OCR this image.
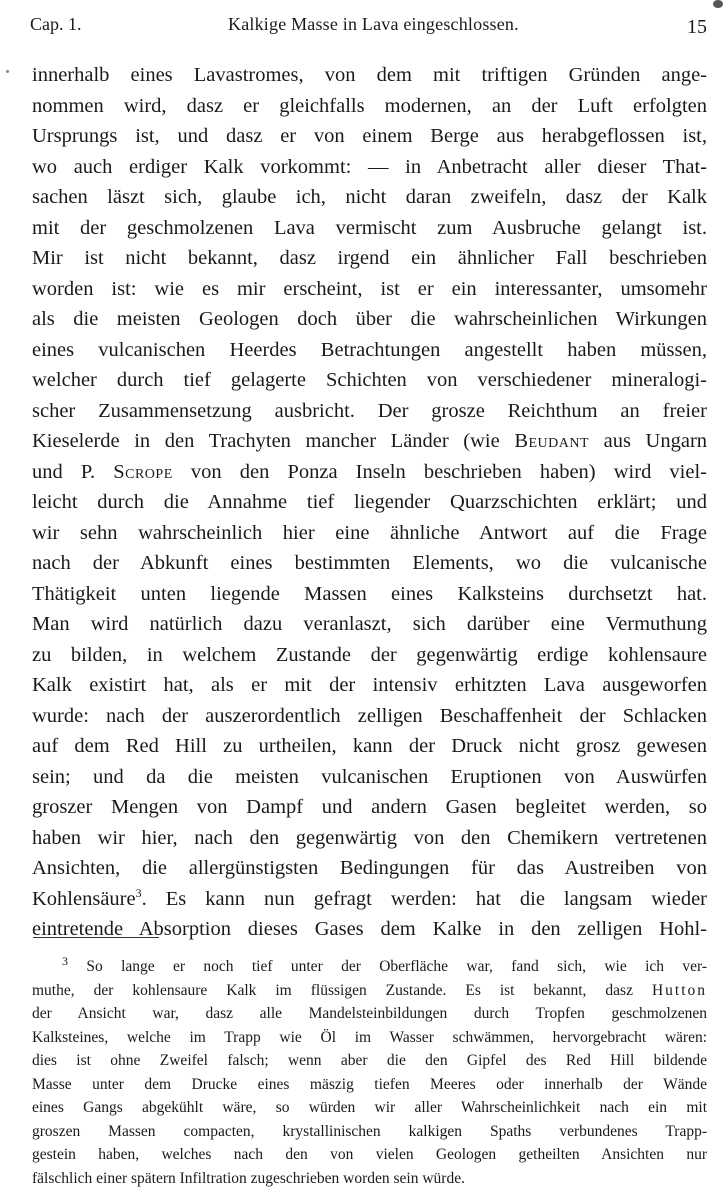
Cap. 1.	Kalkige Masse in Lava eingeschlossen.	15
innerhalb eines Lavastromes, von dem mit triftigen Gründen ange-
nommen wird, dasz er gleichfalls modernen, an der Luft erfolgten
Ursprungs ist, und dasz er von einem Berge aus herabgeflossen ist,
wo auch erdiger Kalk vorkommt: — in Anbetracht aller dieser That-
sachen läszt sich, glaube ich, nicht daran zweifeln, dasz der Kalk
mit der geschmolzenen Lava vermischt zum Ausbruche gelangt ist.
Mir ist nicht bekannt, dasz irgend ein ähnlicher Fall beschrieben
worden ist: wie es mir erscheint, ist er ein interessanter, umsomehr
als die meisten Geologen doch über die wahrscheinlichen Wirkungen
eines vulcanischen Heerdes Betrachtungen angestellt haben müssen,
welcher durch tief gelagerte Schichten von verschiedener mineralogi-
scher Zusammensetzung ausbricht. Der grosze Reichthum an freier
Kieselerde in den Trachyten mancher Länder (wie Beudant aus Ungarn
und P. Scrope von den Ponza Inseln beschrieben haben) wird viel-
leicht durch die Annahme tief liegender Quarzschichten erklärt; und
wir sehn wahrscheinlich hier eine ähnliche Antwort auf die Frage
nach der Abkunft eines bestimmten Elements, wo die vulcanische
Thätigkeit unten liegende Massen eines Kalksteins durchsetzt hat.
Man wird natürlich dazu veranlaszt, sich darüber eine Vermuthung
zu bilden, in welchem Zustande der gegenwärtig erdige kohlensaure
Kalk existirt hat, als er mit der intensiv erhitzten Lava ausgeworfen
wurde: nach der auszerordentlich zelligen Beschaffenheit der Schlacken
auf dem Red Hill zu urtheilen, kann der Druck nicht grosz gewesen
sein; und da die meisten vulcanischen Eruptionen von Auswürfen
groszer Mengen von Dampf und andern Gasen begleitet werden, so
haben wir hier, nach den gegenwärtig von den Chemikern vertretenen
Ansichten, die allergünstigsten Bedingungen für das Austreiben von
Kohlensäure$^3$. Es kann nun gefragt werden: hat die langsam wieder
eintretende Absorption dieses Gases dem Kalke in den zelligen Hohl-
$^3$ So lange er noch tief unter der Oberfläche war, fand sich, wie ich ver-
muthe, der kohlensaure Kalk im flüssigen Zustande. Es ist bekannt, dasz Hutton
der Ansicht war, dasz alle Mandelsteinbildungen durch Tropfen geschmolzenen
Kalksteines, welche im Trapp wie Öl im Wasser schwämmen, hervorgebracht wären:
dies ist ohne Zweifel falsch; wenn aber die den Gipfel des Red Hill bildende
Masse unter dem Drucke eines mäszig tiefen Meeres oder innerhalb der Wände
eines Gangs abgekühlt wäre, so würden wir aller Wahrscheinlichkeit nach ein mit
groszen Massen compacten, krystallinischen kalkigen Spaths verbundenes Trapp-
gestein haben, welches nach den von vielen Geologen getheilten Ansichten nur
fälschlich einer spätern Infiltration zugeschrieben worden sein würde.
